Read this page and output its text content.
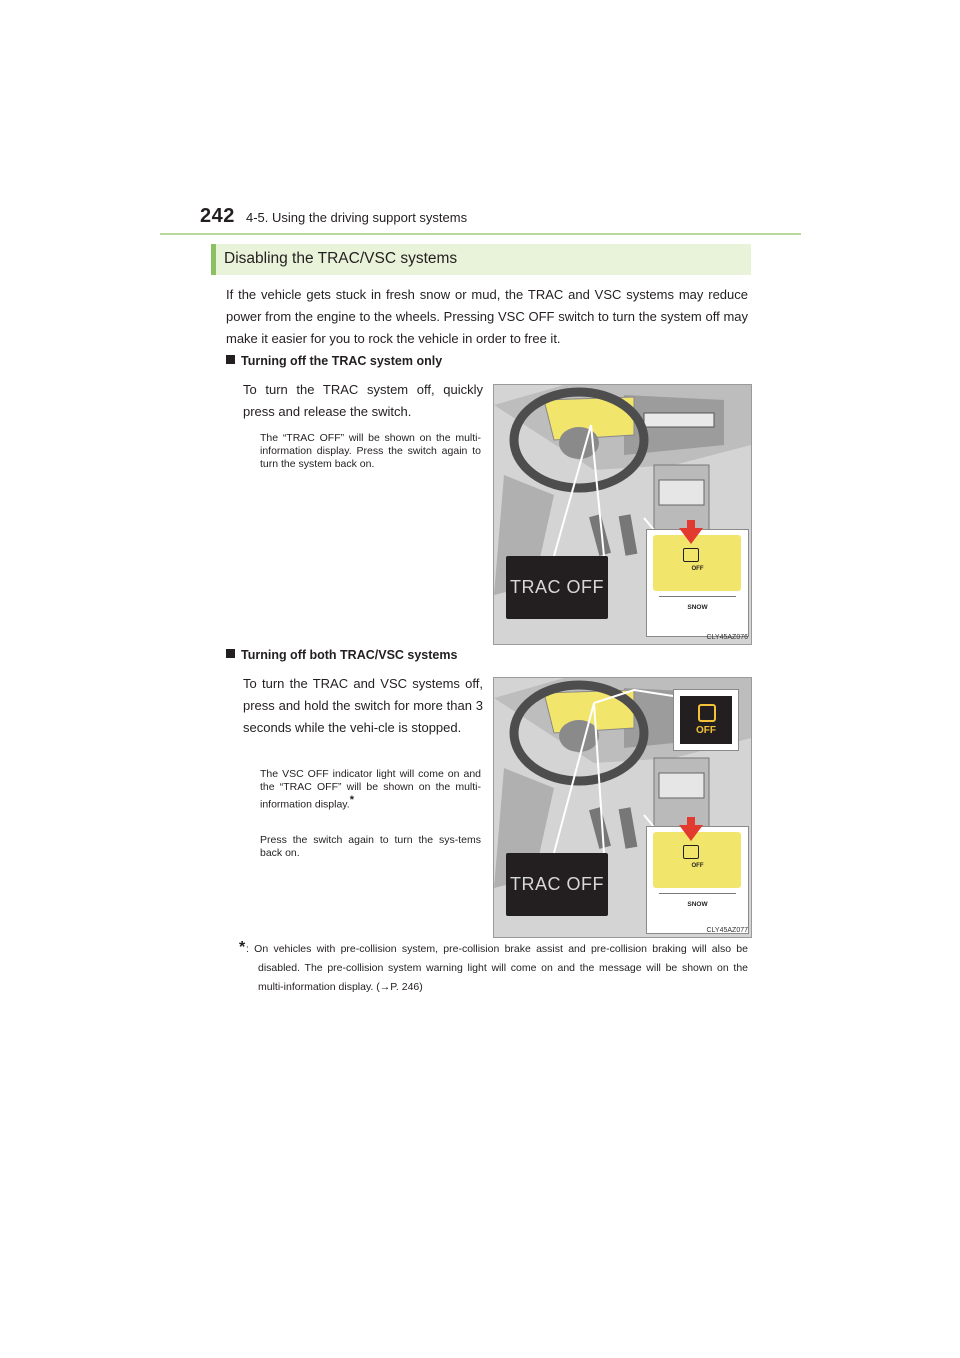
242 4-5. Using the driving support systems
Disabling the TRAC/VSC systems
If the vehicle gets stuck in fresh snow or mud, the TRAC and VSC systems may reduce power from the engine to the wheels. Pressing VSC OFF switch to turn the system off may make it easier for you to rock the vehicle in order to free it.
Turning off the TRAC system only
To turn the TRAC system off, quickly press and release the switch.
The “TRAC OFF” will be shown on the multi-information display. Press the switch again to turn the system back on.
TRAC OFF
OFF
SNOW
CLY45AZ076
Turning off both TRAC/VSC systems
To turn the TRAC and VSC systems off, press and hold the switch for more than 3 seconds while the vehi-cle is stopped.
The VSC OFF indicator light will come on and the “TRAC OFF” will be shown on the multi-information display.*
Press the switch again to turn the sys-tems back on.
OFF
TRAC OFF
OFF
SNOW
CLY45AZ077
* : On vehicles with pre-collision system, pre-collision brake assist and pre-collision braking will also be disabled. The pre-collision system warning light will come on and the message will be shown on the multi-information display. (→P. 246)
